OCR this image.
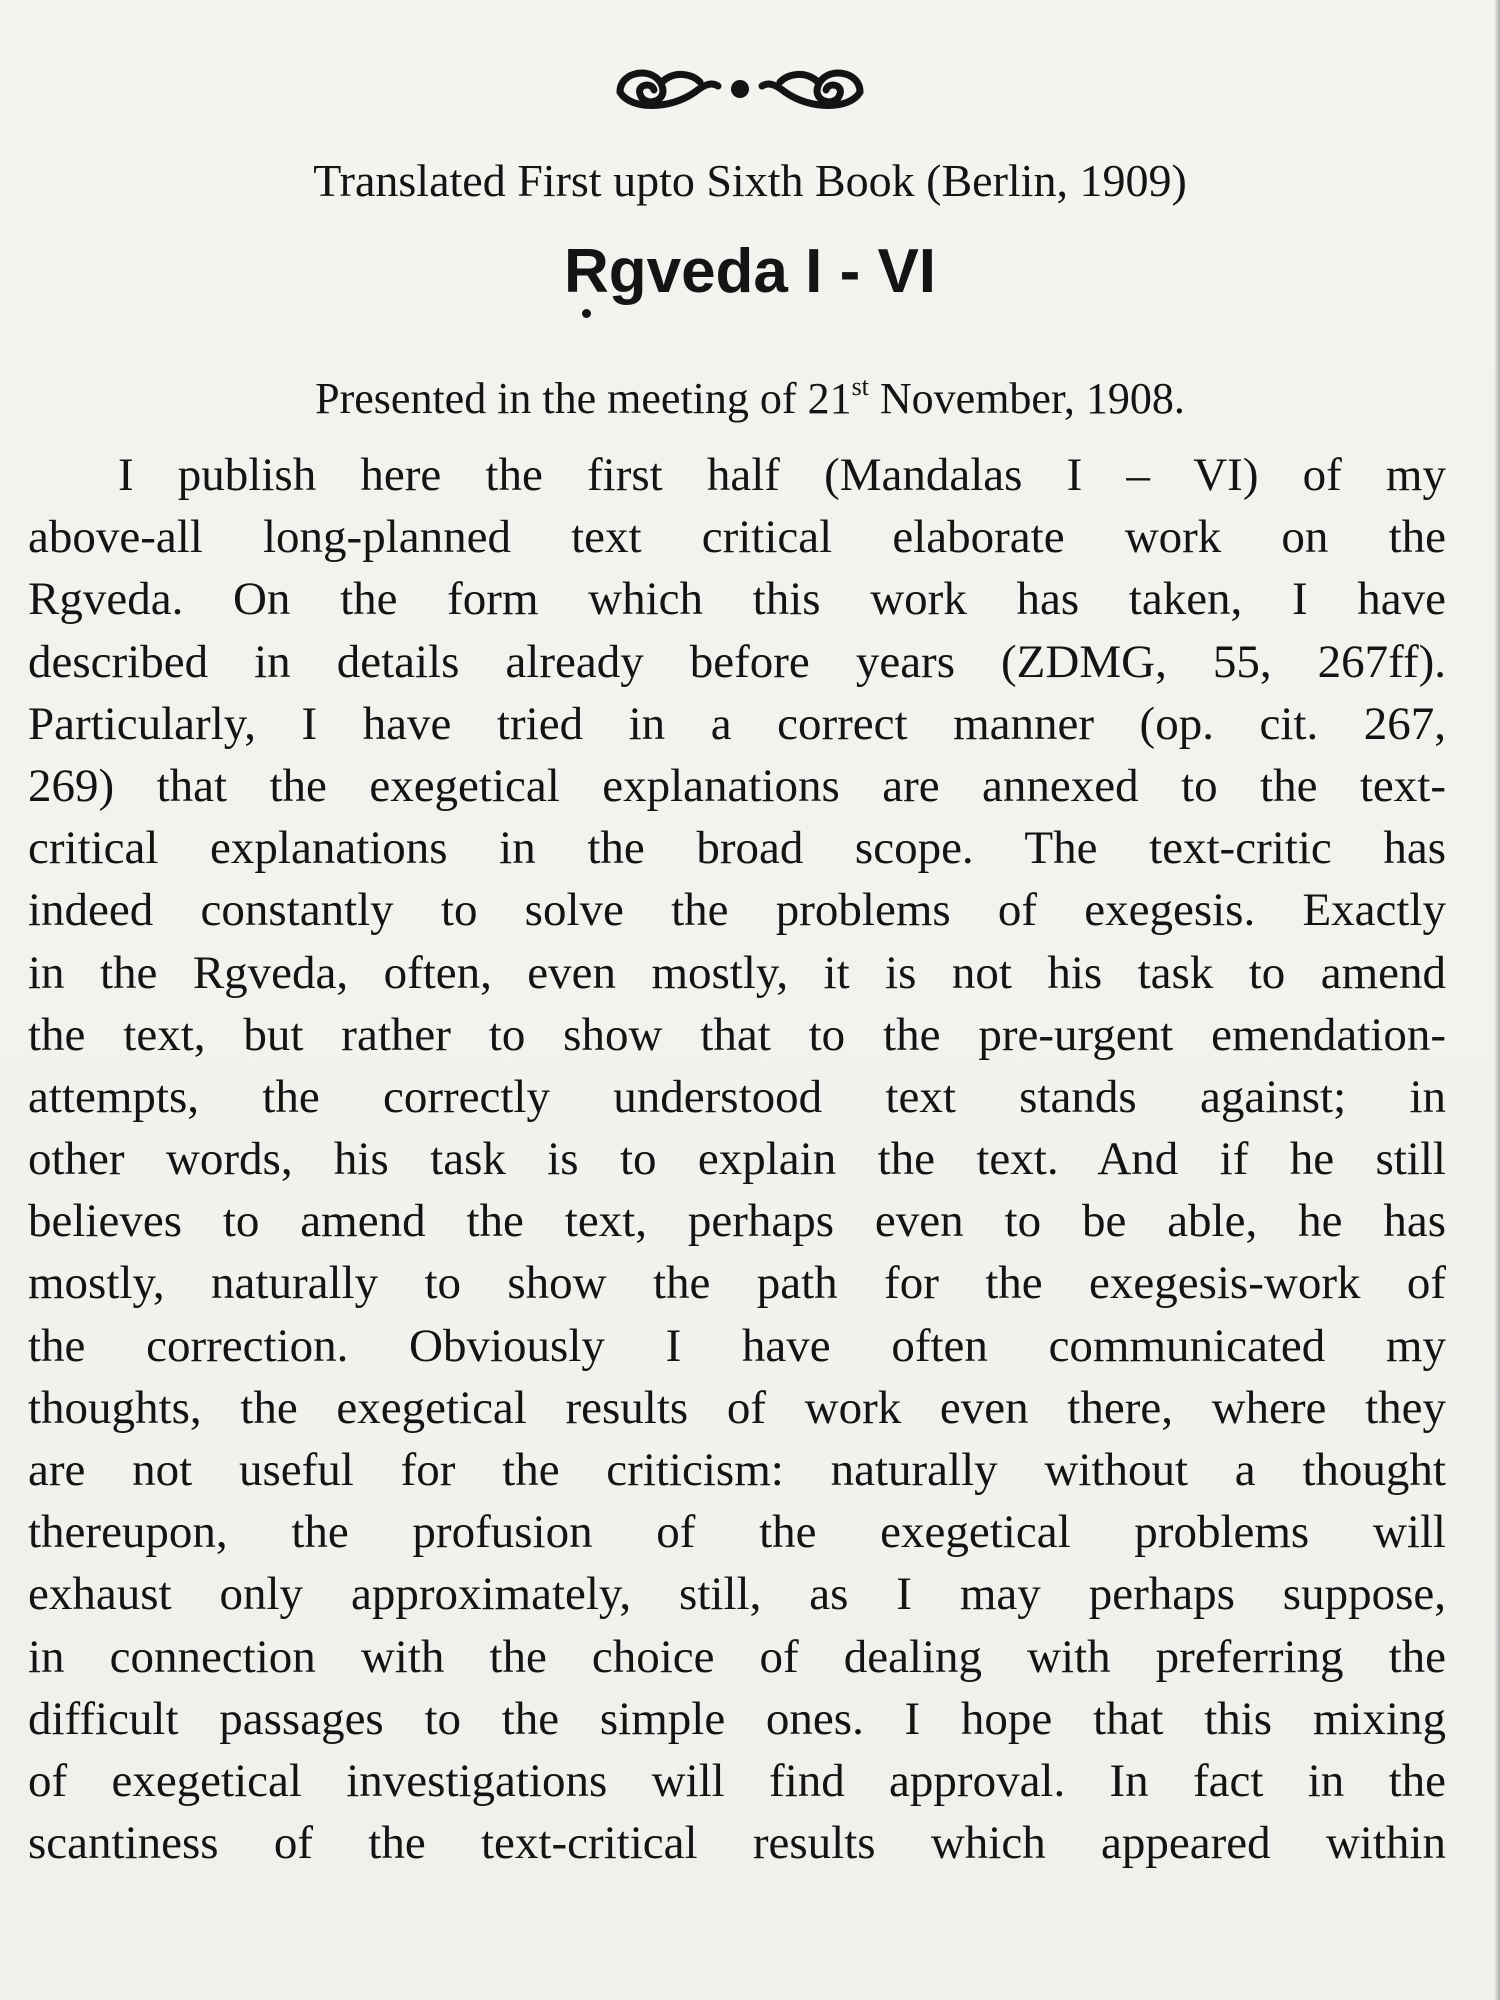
Translated First upto Sixth Book (Berlin, 1909)
Rgveda I - VI
Presented in the meeting of 21st November, 1908.
I publish here the first half (Mandalas I – VI) of my
above-all long-planned text critical elaborate work on the
Rgveda. On the form which this work has taken, I have
described in details already before years (ZDMG, 55, 267ff).
Particularly, I have tried in a correct manner (op. cit. 267,
269) that the exegetical explanations are annexed to the text-
critical explanations in the broad scope. The text-critic has
indeed constantly to solve the problems of exegesis. Exactly
in the Rgveda, often, even mostly, it is not his task to amend
the text, but rather to show that to the pre-urgent emendation-
attempts, the correctly understood text stands against; in
other words, his task is to explain the text. And if he still
believes to amend the text, perhaps even to be able, he has
mostly, naturally to show the path for the exegesis-work of
the correction. Obviously I have often communicated my
thoughts, the exegetical results of work even there, where they
are not useful for the criticism: naturally without a thought
thereupon, the profusion of the exegetical problems will
exhaust only approximately, still, as I may perhaps suppose,
in connection with the choice of dealing with preferring the
difficult passages to the simple ones. I hope that this mixing
of exegetical investigations will find approval. In fact in the
scantiness of the text-critical results which appeared within
